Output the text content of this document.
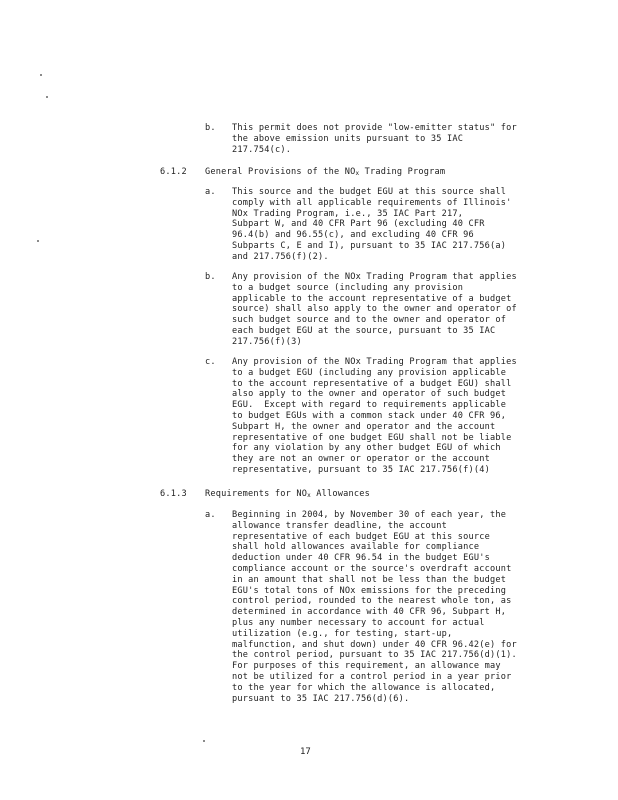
b. This permit does not provide "low-emitter status" for
the above emission units pursuant to 35 IAC
217.754(c).
6.1.2 General Provisions of the NOx Trading Program
a. This source and the budget EGU at this source shall
comply with all applicable requirements of Illinois'
NOx Trading Program, i.e., 35 IAC Part 217,
Subpart W, and 40 CFR Part 96 (excluding 40 CFR
96.4(b) and 96.55(c), and excluding 40 CFR 96
Subparts C, E and I), pursuant to 35 IAC 217.756(a)
and 217.756(f)(2).
b. Any provision of the NOx Trading Program that applies
to a budget source (including any provision
applicable to the account representative of a budget
source) shall also apply to the owner and operator of
such budget source and to the owner and operator of
each budget EGU at the source, pursuant to 35 IAC
217.756(f)(3)
c. Any provision of the NOx Trading Program that applies
to a budget EGU (including any provision applicable
to the account representative of a budget EGU) shall
also apply to the owner and operator of such budget
EGU.  Except with regard to requirements applicable
to budget EGUs with a common stack under 40 CFR 96,
Subpart H, the owner and operator and the account
representative of one budget EGU shall not be liable
for any violation by any other budget EGU of which
they are not an owner or operator or the account
representative, pursuant to 35 IAC 217.756(f)(4)
6.1.3 Requirements for NOx Allowances
a. Beginning in 2004, by November 30 of each year, the
allowance transfer deadline, the account
representative of each budget EGU at this source
shall hold allowances available for compliance
deduction under 40 CFR 96.54 in the budget EGU's
compliance account or the source's overdraft account
in an amount that shall not be less than the budget
EGU's total tons of NOx emissions for the preceding
control period, rounded to the nearest whole ton, as
determined in accordance with 40 CFR 96, Subpart H,
plus any number necessary to account for actual
utilization (e.g., for testing, start-up,
malfunction, and shut down) under 40 CFR 96.42(e) for
the control period, pursuant to 35 IAC 217.756(d)(1).
For purposes of this requirement, an allowance may
not be utilized for a control period in a year prior
to the year for which the allowance is allocated,
pursuant to 35 IAC 217.756(d)(6).
17
